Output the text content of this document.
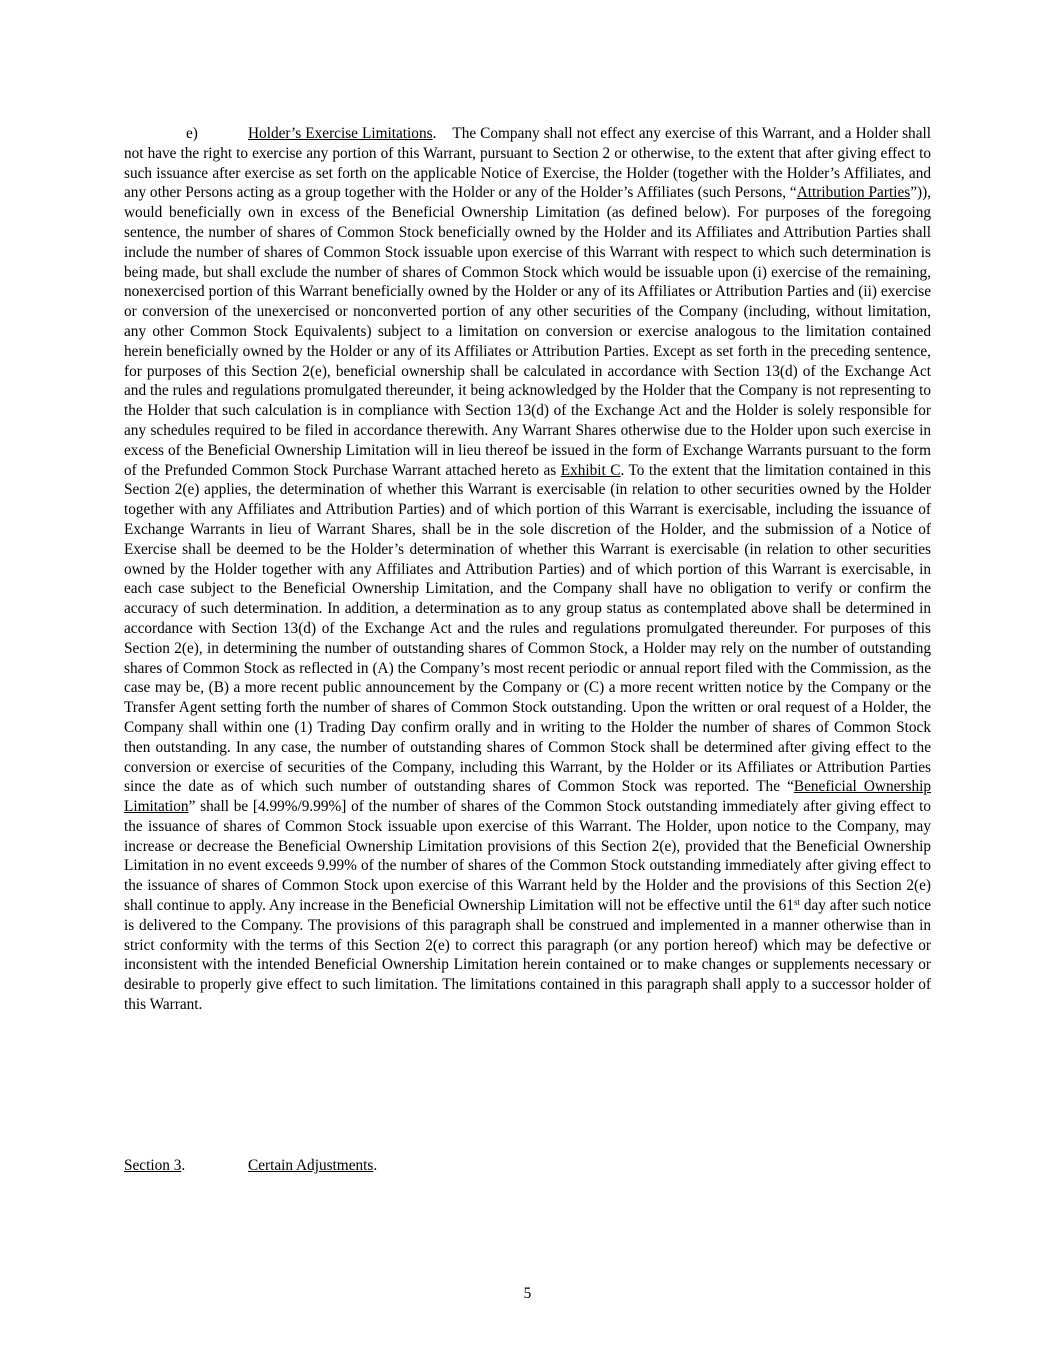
e)	Holder’s Exercise Limitations. The Company shall not effect any exercise of this Warrant, and a Holder shall not have the right to exercise any portion of this Warrant, pursuant to Section 2 or otherwise, to the extent that after giving effect to such issuance after exercise as set forth on the applicable Notice of Exercise, the Holder (together with the Holder’s Affiliates, and any other Persons acting as a group together with the Holder or any of the Holder’s Affiliates (such Persons, “Attribution Parties”)), would beneficially own in excess of the Beneficial Ownership Limitation (as defined below). For purposes of the foregoing sentence, the number of shares of Common Stock beneficially owned by the Holder and its Affiliates and Attribution Parties shall include the number of shares of Common Stock issuable upon exercise of this Warrant with respect to which such determination is being made, but shall exclude the number of shares of Common Stock which would be issuable upon (i) exercise of the remaining, nonexercised portion of this Warrant beneficially owned by the Holder or any of its Affiliates or Attribution Parties and (ii) exercise or conversion of the unexercised or nonconverted portion of any other securities of the Company (including, without limitation, any other Common Stock Equivalents) subject to a limitation on conversion or exercise analogous to the limitation contained herein beneficially owned by the Holder or any of its Affiliates or Attribution Parties. Except as set forth in the preceding sentence, for purposes of this Section 2(e), beneficial ownership shall be calculated in accordance with Section 13(d) of the Exchange Act and the rules and regulations promulgated thereunder, it being acknowledged by the Holder that the Company is not representing to the Holder that such calculation is in compliance with Section 13(d) of the Exchange Act and the Holder is solely responsible for any schedules required to be filed in accordance therewith. Any Warrant Shares otherwise due to the Holder upon such exercise in excess of the Beneficial Ownership Limitation will in lieu thereof be issued in the form of Exchange Warrants pursuant to the form of the Prefunded Common Stock Purchase Warrant attached hereto as Exhibit C. To the extent that the limitation contained in this Section 2(e) applies, the determination of whether this Warrant is exercisable (in relation to other securities owned by the Holder together with any Affiliates and Attribution Parties) and of which portion of this Warrant is exercisable, including the issuance of Exchange Warrants in lieu of Warrant Shares, shall be in the sole discretion of the Holder, and the submission of a Notice of Exercise shall be deemed to be the Holder’s determination of whether this Warrant is exercisable (in relation to other securities owned by the Holder together with any Affiliates and Attribution Parties) and of which portion of this Warrant is exercisable, in each case subject to the Beneficial Ownership Limitation, and the Company shall have no obligation to verify or confirm the accuracy of such determination. In addition, a determination as to any group status as contemplated above shall be determined in accordance with Section 13(d) of the Exchange Act and the rules and regulations promulgated thereunder. For purposes of this Section 2(e), in determining the number of outstanding shares of Common Stock, a Holder may rely on the number of outstanding shares of Common Stock as reflected in (A) the Company’s most recent periodic or annual report filed with the Commission, as the case may be, (B) a more recent public announcement by the Company or (C) a more recent written notice by the Company or the Transfer Agent setting forth the number of shares of Common Stock outstanding. Upon the written or oral request of a Holder, the Company shall within one (1) Trading Day confirm orally and in writing to the Holder the number of shares of Common Stock then outstanding. In any case, the number of outstanding shares of Common Stock shall be determined after giving effect to the conversion or exercise of securities of the Company, including this Warrant, by the Holder or its Affiliates or Attribution Parties since the date as of which such number of outstanding shares of Common Stock was reported. The “Beneficial Ownership Limitation” shall be [4.99%/9.99%] of the number of shares of the Common Stock outstanding immediately after giving effect to the issuance of shares of Common Stock issuable upon exercise of this Warrant. The Holder, upon notice to the Company, may increase or decrease the Beneficial Ownership Limitation provisions of this Section 2(e), provided that the Beneficial Ownership Limitation in no event exceeds 9.99% of the number of shares of the Common Stock outstanding immediately after giving effect to the issuance of shares of Common Stock upon exercise of this Warrant held by the Holder and the provisions of this Section 2(e) shall continue to apply. Any increase in the Beneficial Ownership Limitation will not be effective until the 61st day after such notice is delivered to the Company. The provisions of this paragraph shall be construed and implemented in a manner otherwise than in strict conformity with the terms of this Section 2(e) to correct this paragraph (or any portion hereof) which may be defective or inconsistent with the intended Beneficial Ownership Limitation herein contained or to make changes or supplements necessary or desirable to properly give effect to such limitation. The limitations contained in this paragraph shall apply to a successor holder of this Warrant.

Section 3.	Certain Adjustments.

5
